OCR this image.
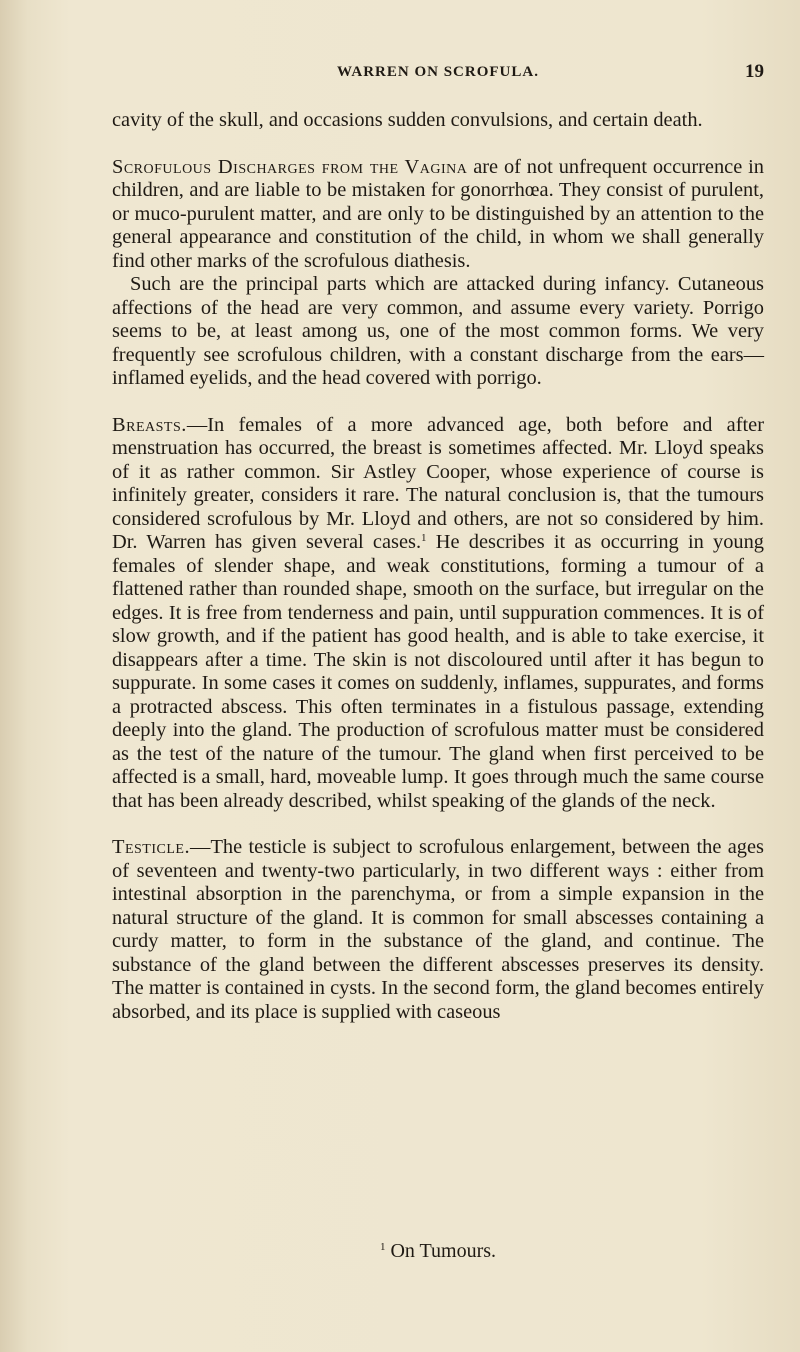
WARREN ON SCROFULA.	19

cavity of the skull, and occasions sudden convulsions, and certain death.

Scrofulous Discharges from the Vagina are of not unfrequent occurrence in children, and are liable to be mistaken for gonorrhœa. They consist of purulent, or muco-purulent matter, and are only to be distinguished by an attention to the general appearance and constitution of the child, in whom we shall generally find other marks of the scrofulous diathesis.

Such are the principal parts which are attacked during infancy. Cutaneous affections of the head are very common, and assume every variety. Porrigo seems to be, at least among us, one of the most common forms. We very frequently see scrofulous children, with a constant discharge from the ears—inflamed eyelids, and the head covered with porrigo.

Breasts.—In females of a more advanced age, both before and after menstruation has occurred, the breast is sometimes affected. Mr. Lloyd speaks of it as rather common. Sir Astley Cooper, whose experience of course is infinitely greater, considers it rare. The natural conclusion is, that the tumours considered scrofulous by Mr. Lloyd and others, are not so considered by him. Dr. Warren has given several cases.$^1$ He describes it as occurring in young females of slender shape, and weak constitutions, forming a tumour of a flattened rather than rounded shape, smooth on the surface, but irregular on the edges. It is free from tenderness and pain, until suppuration commences. It is of slow growth, and if the patient has good health, and is able to take exercise, it disappears after a time. The skin is not discoloured until after it has begun to suppurate. In some cases it comes on suddenly, inflames, suppurates, and forms a protracted abscess. This often terminates in a fistulous passage, extending deeply into the gland. The production of scrofulous matter must be considered as the test of the nature of the tumour. The gland when first perceived to be affected is a small, hard, moveable lump. It goes through much the same course that has been already described, whilst speaking of the glands of the neck.

Testicle.—The testicle is subject to scrofulous enlargement, between the ages of seventeen and twenty-two particularly, in two different ways : either from intestinal absorption in the parenchyma, or from a simple expansion in the natural structure of the gland. It is common for small abscesses containing a curdy matter, to form in the substance of the gland, and continue. The substance of the gland between the different abscesses preserves its density. The matter is contained in cysts. In the second form, the gland becomes entirely absorbed, and its place is supplied with caseous

$^1$ On Tumours.
